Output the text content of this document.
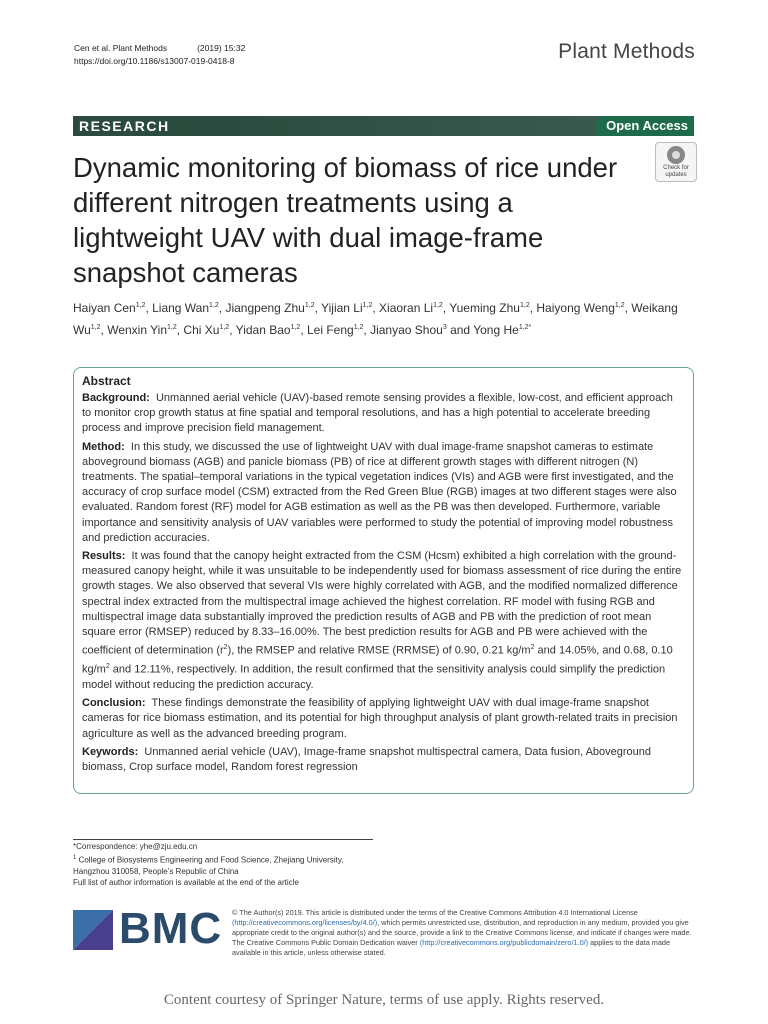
Cen et al. Plant Methods	(2019) 15:32
https://doi.org/10.1186/s13007-019-0418-8	Plant Methods
RESEARCH	Open Access
Dynamic monitoring of biomass of rice under different nitrogen treatments using a lightweight UAV with dual image-frame snapshot cameras
Check for
updates
Haiyan Cen$^{1,2}$, Liang Wan$^{1,2}$, Jiangpeng Zhu$^{1,2}$, Yijian Li$^{1,2}$, Xiaoran Li$^{1,2}$, Yueming Zhu$^{1,2}$, Haiyong Weng$^{1,2}$, Weikang Wu$^{1,2}$, Wenxin Yin$^{1,2}$, Chi Xu$^{1,2}$, Yidan Bao$^{1,2}$, Lei Feng$^{1,2}$, Jianyao Shou$^3$ and Yong $He^{1,2*}$
Abstract

Background: Unmanned aerial vehicle (UAV)-based remote sensing provides a flexible, low-cost, and efficient approach to monitor crop growth status at fine spatial and temporal resolutions, and has a high potential to accelerate breeding process and improve precision field management.

Method: In this study, we discussed the use of lightweight UAV with dual image-frame snapshot cameras to estimate aboveground biomass (AGB) and panicle biomass (PB) of rice at different growth stages with different nitrogen (N) treatments. The spatial–temporal variations in the typical vegetation indices (VIs) and AGB were first investigated, and the accuracy of crop surface model (CSM) extracted from the Red Green Blue (RGB) images at two different stages were also evaluated. Random forest (RF) model for AGB estimation as well as the PB was then developed. Furthermore, variable importance and sensitivity analysis of UAV variables were performed to study the potential of improving model robustness and prediction accuracies.

Results: It was found that the canopy height extracted from the CSM (Hcsm) exhibited a high correlation with the ground-measured canopy height, while it was unsuitable to be independently used for biomass assessment of rice during the entire growth stages. We also observed that several VIs were highly correlated with AGB, and the modified normalized difference spectral index extracted from the multispectral image achieved the highest correlation. RF model with fusing RGB and multispectral image data substantially improved the prediction results of AGB and PB with the prediction of root mean square error (RMSEP) reduced by 8.33–16.00%. The best prediction results for AGB and PB were achieved with the coefficient of determination $(r^2)$, the RMSEP and relative RMSE (RRMSE) of 0.90, 0.21 $kg/m^2$ and 14.05%, and 0.68, 0.10 $kg/m^2$ and 12.11%, respectively. In addition, the result confirmed that the sensitivity analysis could simplify the prediction model without reducing the prediction accuracy.

Conclusion: These findings demonstrate the feasibility of applying lightweight UAV with dual image-frame snapshot cameras for rice biomass estimation, and its potential for high throughput analysis of plant growth-related traits in precision agriculture as well as the advanced breeding program.

Keywords: Unmanned aerial vehicle (UAV), Image-frame snapshot multispectral camera, Data fusion, Aboveground biomass, Crop surface model, Random forest regression

*Correspondence: yhe@zju.edu.cn
$^1$ College of Biosystems Engineering and Food Science, Zhejiang University, Hangzhou 310058, People’s Republic of China
Full list of author information is available at the end of the article
BMC © The Author(s) 2019. This article is distributed under the terms of the Creative Commons Attribution 4.0 International License (http://creativecommons.org/licenses/by/4.0/), which permits unrestricted use, distribution, and reproduction in any medium, provided you give appropriate credit to the original author(s) and the source, provide a link to the Creative Commons license, and indicate if changes were made. The Creative Commons Public Domain Dedication waiver (http://creativecommons.org/publicdomain/zero/1.0/) applies to the data made available in this article, unless otherwise stated.
Content courtesy of Springer Nature, terms of use apply. Rights reserved.
